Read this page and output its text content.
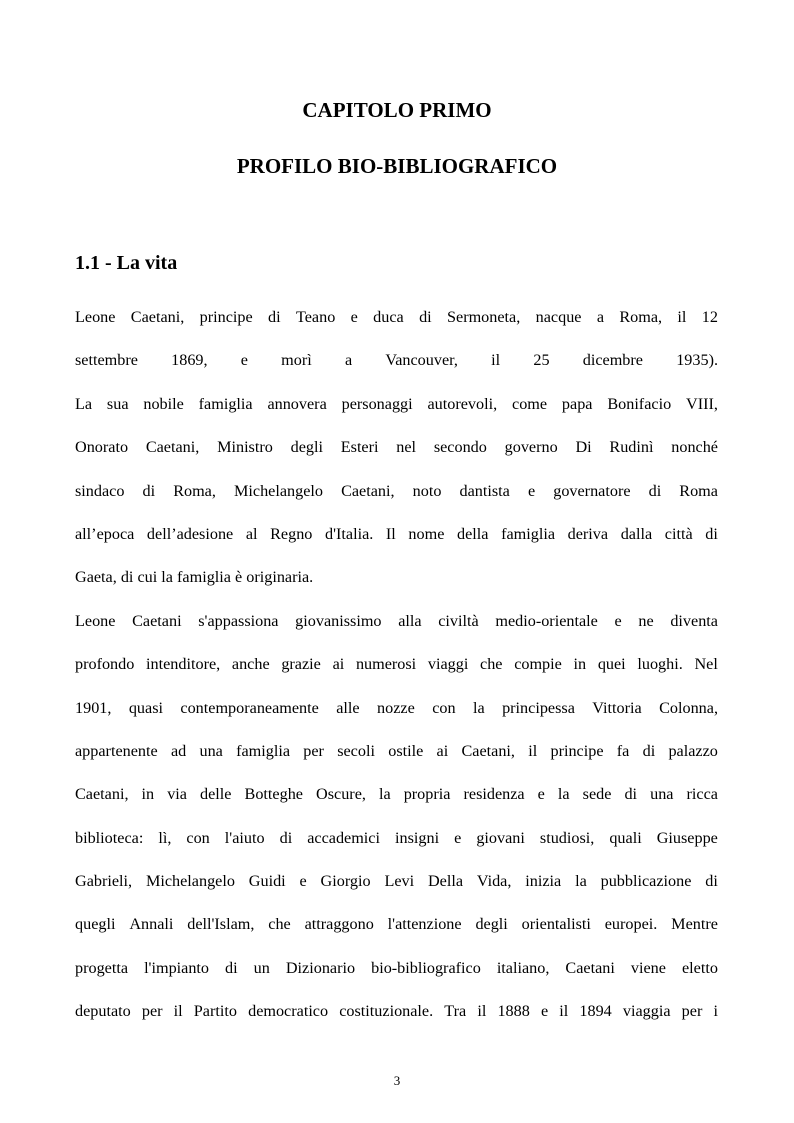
CAPITOLO PRIMO
PROFILO BIO-BIBLIOGRAFICO
1.1 - La vita
Leone Caetani, principe di Teano e duca di Sermoneta, nacque a Roma, il 12
settembre 1869, e morì a Vancouver, il 25 dicembre 1935).
La sua nobile famiglia annovera personaggi autorevoli, come papa Bonifacio VIII,
Onorato Caetani, Ministro degli Esteri nel secondo governo Di Rudinì nonché
sindaco di Roma, Michelangelo Caetani, noto dantista e governatore di Roma
all’epoca dell’adesione al Regno d'Italia. Il nome della famiglia deriva dalla città di
Gaeta, di cui la famiglia è originaria.
Leone Caetani s'appassiona giovanissimo alla civiltà medio-orientale e ne diventa
profondo intenditore, anche grazie ai numerosi viaggi che compie in quei luoghi. Nel
1901, quasi contemporaneamente alle nozze con la principessa Vittoria Colonna,
appartenente ad una famiglia per secoli ostile ai Caetani, il principe fa di palazzo
Caetani, in via delle Botteghe Oscure, la propria residenza e la sede di una ricca
biblioteca: lì, con l'aiuto di accademici insigni e giovani studiosi, quali Giuseppe
Gabrieli, Michelangelo Guidi e Giorgio Levi Della Vida, inizia la pubblicazione di
quegli Annali dell'Islam, che attraggono l'attenzione degli orientalisti europei. Mentre
progetta l'impianto di un Dizionario bio-bibliografico italiano, Caetani viene eletto
deputato per il Partito democratico costituzionale. Tra il 1888 e il 1894 viaggia per i
3
